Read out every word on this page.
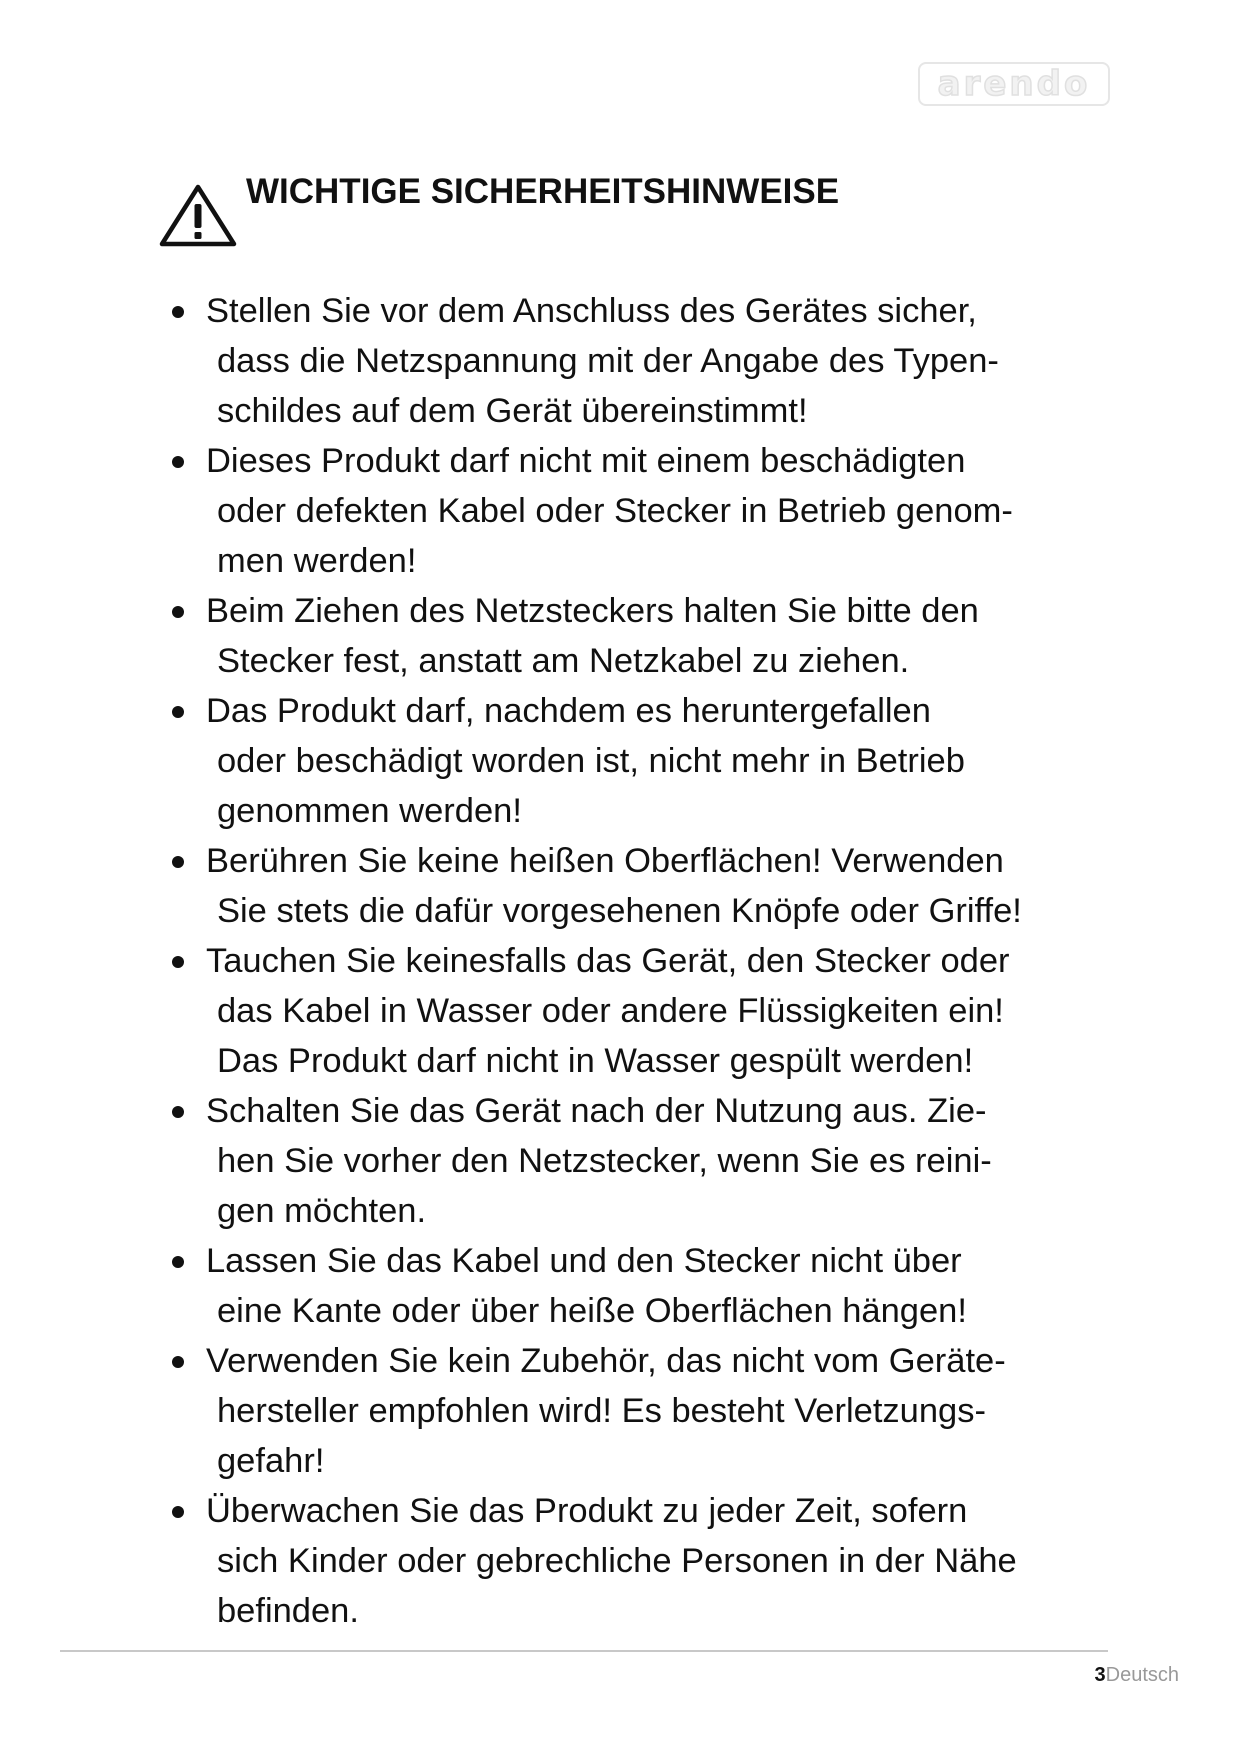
arendo
WICHTIGE SICHERHEITSHINWEISE
Stellen Sie vor dem Anschluss des Gerätes sicher,
dass die Netzspannung mit der Angabe des Typen-
schildes auf dem Gerät übereinstimmt!
Dieses Produkt darf nicht mit einem beschädigten
oder defekten Kabel oder Stecker in Betrieb genom-
men werden!
Beim Ziehen des Netzsteckers halten Sie bitte den
Stecker fest, anstatt am Netzkabel zu ziehen.
Das Produkt darf, nachdem es heruntergefallen
oder beschädigt worden ist, nicht mehr in Betrieb
genommen werden!
Berühren Sie keine heißen Oberflächen! Verwenden
Sie stets die dafür vorgesehenen Knöpfe oder Griffe!
Tauchen Sie keinesfalls das Gerät, den Stecker oder
das Kabel in Wasser oder andere Flüssigkeiten ein!
Das Produkt darf nicht in Wasser gespült werden!
Schalten Sie das Gerät nach der Nutzung aus. Zie-
hen Sie vorher den Netzstecker, wenn Sie es reini-
gen möchten.
Lassen Sie das Kabel und den Stecker nicht über
eine Kante oder über heiße Oberflächen hängen!
Verwenden Sie kein Zubehör, das nicht vom Geräte-
hersteller empfohlen wird! Es besteht Verletzungs-
gefahr!
Überwachen Sie das Produkt zu jeder Zeit, sofern
sich Kinder oder gebrechliche Personen in der Nähe
befinden.
3Deutsch
